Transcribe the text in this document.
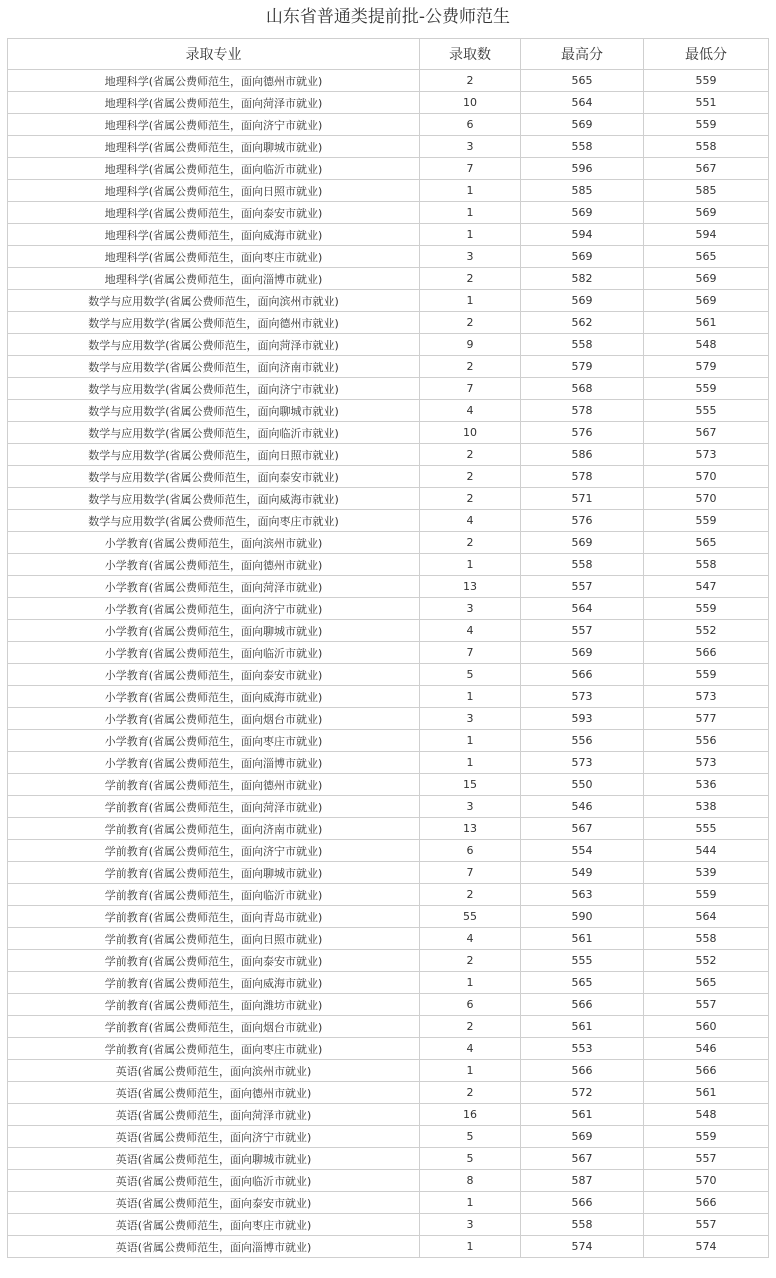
山东省普通类提前批-公费师范生
录取专业	录取数	最高分	最低分
地理科学(省属公费师范生，面向德州市就业)	2	565	559
地理科学(省属公费师范生，面向菏泽市就业)	10	564	551
地理科学(省属公费师范生，面向济宁市就业)	6	569	559
地理科学(省属公费师范生，面向聊城市就业)	3	558	558
地理科学(省属公费师范生，面向临沂市就业)	7	596	567
地理科学(省属公费师范生，面向日照市就业)	1	585	585
地理科学(省属公费师范生，面向泰安市就业)	1	569	569
地理科学(省属公费师范生，面向威海市就业)	1	594	594
地理科学(省属公费师范生，面向枣庄市就业)	3	569	565
地理科学(省属公费师范生，面向淄博市就业)	2	582	569
数学与应用数学(省属公费师范生，面向滨州市就业)	1	569	569
数学与应用数学(省属公费师范生，面向德州市就业)	2	562	561
数学与应用数学(省属公费师范生，面向菏泽市就业)	9	558	548
数学与应用数学(省属公费师范生，面向济南市就业)	2	579	579
数学与应用数学(省属公费师范生，面向济宁市就业)	7	568	559
数学与应用数学(省属公费师范生，面向聊城市就业)	4	578	555
数学与应用数学(省属公费师范生，面向临沂市就业)	10	576	567
数学与应用数学(省属公费师范生，面向日照市就业)	2	586	573
数学与应用数学(省属公费师范生，面向泰安市就业)	2	578	570
数学与应用数学(省属公费师范生，面向威海市就业)	2	571	570
数学与应用数学(省属公费师范生，面向枣庄市就业)	4	576	559
小学教育(省属公费师范生，面向滨州市就业)	2	569	565
小学教育(省属公费师范生，面向德州市就业)	1	558	558
小学教育(省属公费师范生，面向菏泽市就业)	13	557	547
小学教育(省属公费师范生，面向济宁市就业)	3	564	559
小学教育(省属公费师范生，面向聊城市就业)	4	557	552
小学教育(省属公费师范生，面向临沂市就业)	7	569	566
小学教育(省属公费师范生，面向泰安市就业)	5	566	559
小学教育(省属公费师范生，面向威海市就业)	1	573	573
小学教育(省属公费师范生，面向烟台市就业)	3	593	577
小学教育(省属公费师范生，面向枣庄市就业)	1	556	556
小学教育(省属公费师范生，面向淄博市就业)	1	573	573
学前教育(省属公费师范生，面向德州市就业)	15	550	536
学前教育(省属公费师范生，面向菏泽市就业)	3	546	538
学前教育(省属公费师范生，面向济南市就业)	13	567	555
学前教育(省属公费师范生，面向济宁市就业)	6	554	544
学前教育(省属公费师范生，面向聊城市就业)	7	549	539
学前教育(省属公费师范生，面向临沂市就业)	2	563	559
学前教育(省属公费师范生，面向青岛市就业)	55	590	564
学前教育(省属公费师范生，面向日照市就业)	4	561	558
学前教育(省属公费师范生，面向泰安市就业)	2	555	552
学前教育(省属公费师范生，面向威海市就业)	1	565	565
学前教育(省属公费师范生，面向潍坊市就业)	6	566	557
学前教育(省属公费师范生，面向烟台市就业)	2	561	560
学前教育(省属公费师范生，面向枣庄市就业)	4	553	546
英语(省属公费师范生，面向滨州市就业)	1	566	566
英语(省属公费师范生，面向德州市就业)	2	572	561
英语(省属公费师范生，面向菏泽市就业)	16	561	548
英语(省属公费师范生，面向济宁市就业)	5	569	559
英语(省属公费师范生，面向聊城市就业)	5	567	557
英语(省属公费师范生，面向临沂市就业)	8	587	570
英语(省属公费师范生，面向泰安市就业)	1	566	566
英语(省属公费师范生，面向枣庄市就业)	3	558	557
英语(省属公费师范生，面向淄博市就业)	1	574	574
